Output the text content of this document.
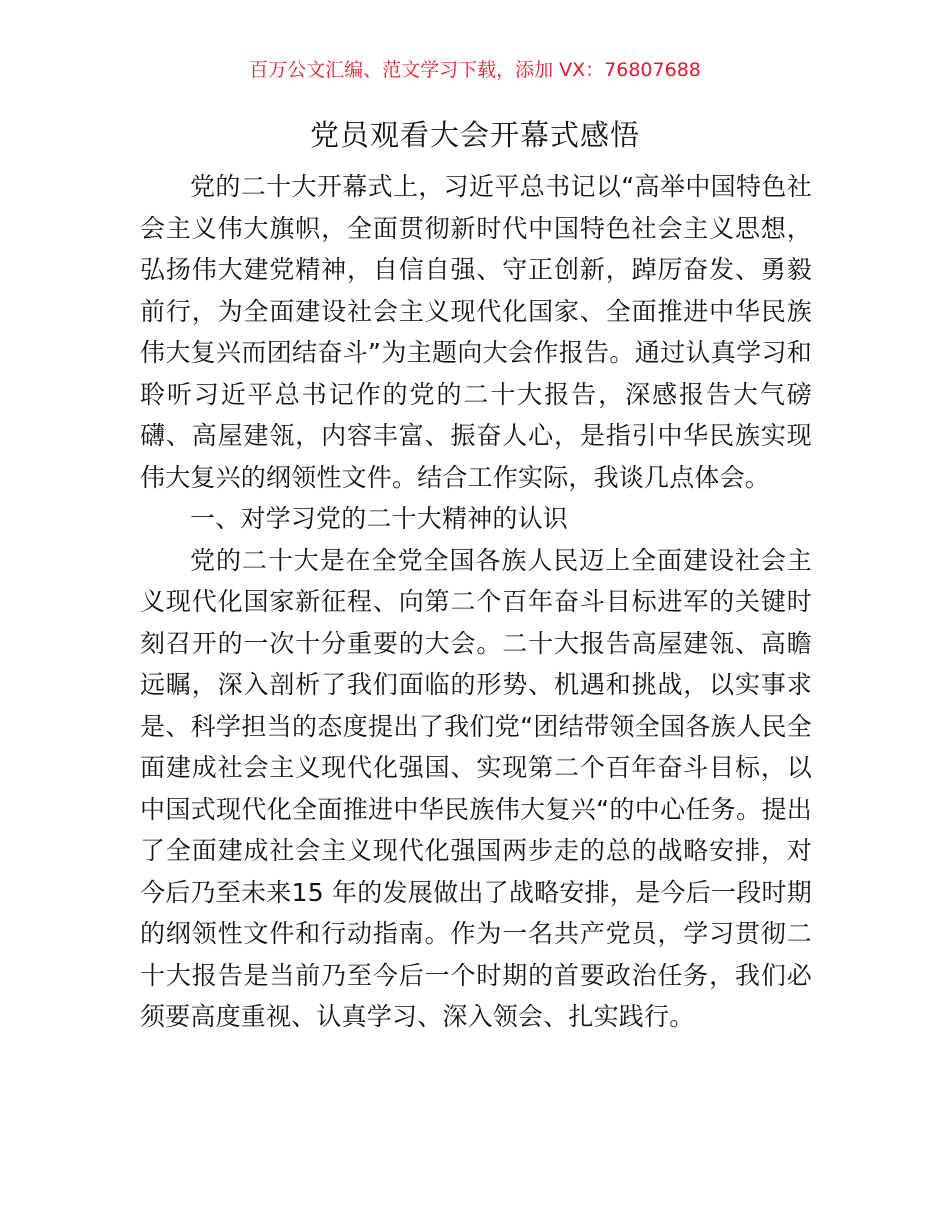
百万公文汇编、范文学习下载，添加 VX：76807688
党员观看大会开幕式感悟

党的二十大开幕式上，习近平总书记以“高举中国特色社会主义伟大旗帜，全面贯彻新时代中国特色社会主义思想，弘扬伟大建党精神，自信自强、守正创新，踔厉奋发、勇毅前行，为全面建设社会主义现代化国家、全面推进中华民族伟大复兴而团结奋斗”为主题向大会作报告。通过认真学习和聆听习近平总书记作的党的二十大报告，深感报告大气磅礴、高屋建瓴，内容丰富、振奋人心，是指引中华民族实现伟大复兴的纲领性文件。结合工作实际，我谈几点体会。

一、对学习党的二十大精神的认识

党的二十大是在全党全国各族人民迈上全面建设社会主义现代化国家新征程、向第二个百年奋斗目标进军的关键时刻召开的一次十分重要的大会。二十大报告高屋建瓴、高瞻远瞩，深入剖析了我们面临的形势、机遇和挑战，以实事求是、科学担当的态度提出了我们党“团结带领全国各族人民全面建成社会主义现代化强国、实现第二个百年奋斗目标，以中国式现代化全面推进中华民族伟大复兴“的中心任务。提出了全面建成社会主义现代化强国两步走的总的战略安排，对今后乃至未来15 年的发展做出了战略安排，是今后一段时期的纲领性文件和行动指南。作为一名共产党员，学习贯彻二十大报告是当前乃至今后一个时期的首要政治任务，我们必须要高度重视、认真学习、深入领会、扎实践行。
